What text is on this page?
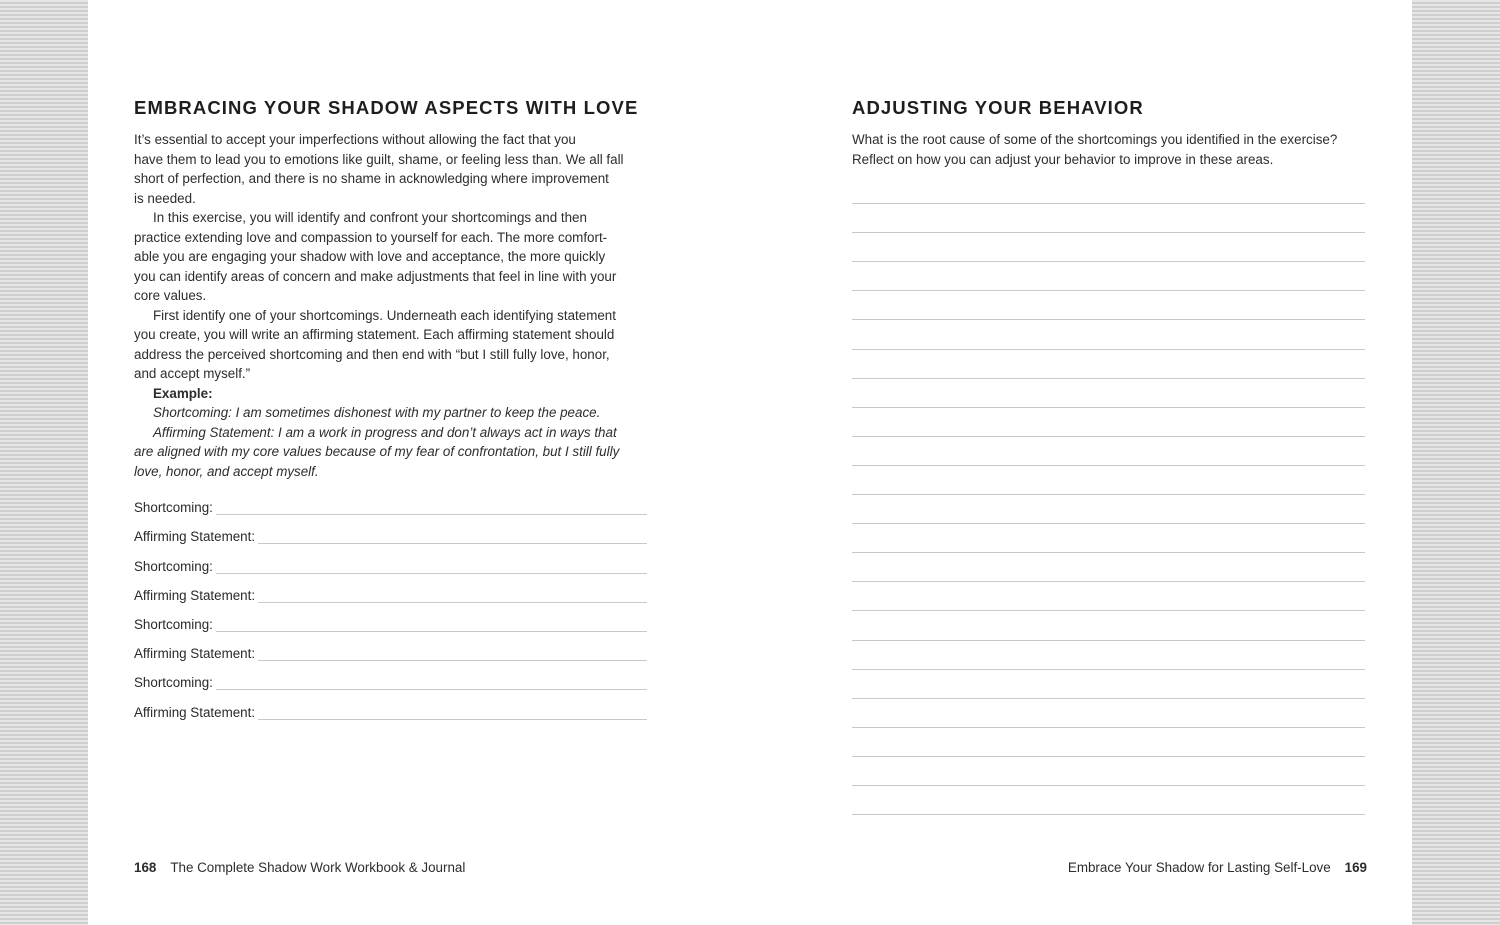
EMBRACING YOUR SHADOW ASPECTS WITH LOVE

It’s essential to accept your imperfections without allowing the fact that you

have them to lead you to emotions like guilt, shame, or feeling less than. We all fall

short of perfection, and there is no shame in acknowledging where improvement

is needed.

In this exercise, you will identify and confront your shortcomings and then

practice extending love and compassion to yourself for each. The more comfort-

able you are engaging your shadow with love and acceptance, the more quickly

you can identify areas of concern and make adjustments that feel in line with your

core values.

First identify one of your shortcomings. Underneath each identifying statement

you create, you will write an affirming statement. Each affirming statement should

address the perceived shortcoming and then end with “but I still fully love, honor,

and accept myself.”

Example:

Shortcoming: I am sometimes dishonest with my partner to keep the peace.

Affirming Statement: I am a work in progress and don’t always act in ways that

are aligned with my core values because of my fear of confrontation, but I still fully

love, honor, and accept myself.

Shortcoming:
Affirming Statement:
Shortcoming:
Affirming Statement:
Shortcoming:
Affirming Statement:
Shortcoming:
Affirming Statement:
168 The Complete Shadow Work Workbook & Journal
ADJUSTING YOUR BEHAVIOR

What is the root cause of some of the shortcomings you identified in the exercise?

Reflect on how you can adjust your behavior to improve in these areas.

Embrace Your Shadow for Lasting Self-Love 169
